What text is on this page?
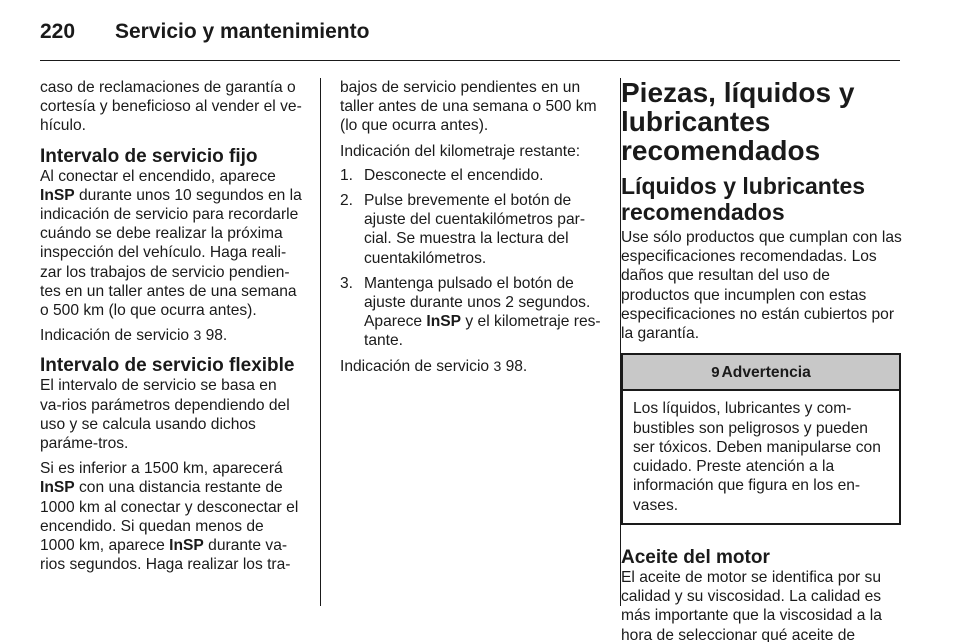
220 Servicio y mantenimiento

caso de reclamaciones de garantía o cortesía y beneficioso al vender el ve-hículo.

Intervalo de servicio fijo

Al conectar el encendido, aparece InSP durante unos 10 segundos en la indicación de servicio para recordarle cuándo se debe realizar la próxima inspección del vehículo. Haga reali-zar los trabajos de servicio pendien-tes en un taller antes de una semana o 500 km (lo que ocurra antes).

Indicación de servicio 3 98.

Intervalo de servicio flexible

El intervalo de servicio se basa en va-rios parámetros dependiendo del uso y se calcula usando dichos paráme-tros.

Si es inferior a 1500 km, aparecerá InSP con una distancia restante de 1000 km al conectar y desconectar el encendido. Si quedan menos de 1000 km, aparece InSP durante va-rios segundos. Haga realizar los tra-

bajos de servicio pendientes en un taller antes de una semana o 500 km (lo que ocurra antes).

Indicación del kilometraje restante:

1. Desconecte el encendido.
2. Pulse brevemente el botón de ajuste del cuentakilómetros par-cial. Se muestra la lectura del cuentakilómetros.
3. Mantenga pulsado el botón de ajuste durante unos 2 segundos. Aparece InSP y el kilometraje res-tante.

Indicación de servicio 3 98.

Piezas, líquidos y lubricantes recomendados
Líquidos y lubricantes recomendados

Use sólo productos que cumplan con las especificaciones recomendadas. Los daños que resultan del uso de productos que incumplen con estas especificaciones no están cubiertos por la garantía.

9 Advertencia
Los líquidos, lubricantes y com-bustibles son peligrosos y pueden ser tóxicos. Deben manipularse con cuidado. Preste atención a la información que figura en los en-vases.
Aceite del motor

El aceite de motor se identifica por su calidad y su viscosidad. La calidad es más importante que la viscosidad a la hora de seleccionar qué aceite de
